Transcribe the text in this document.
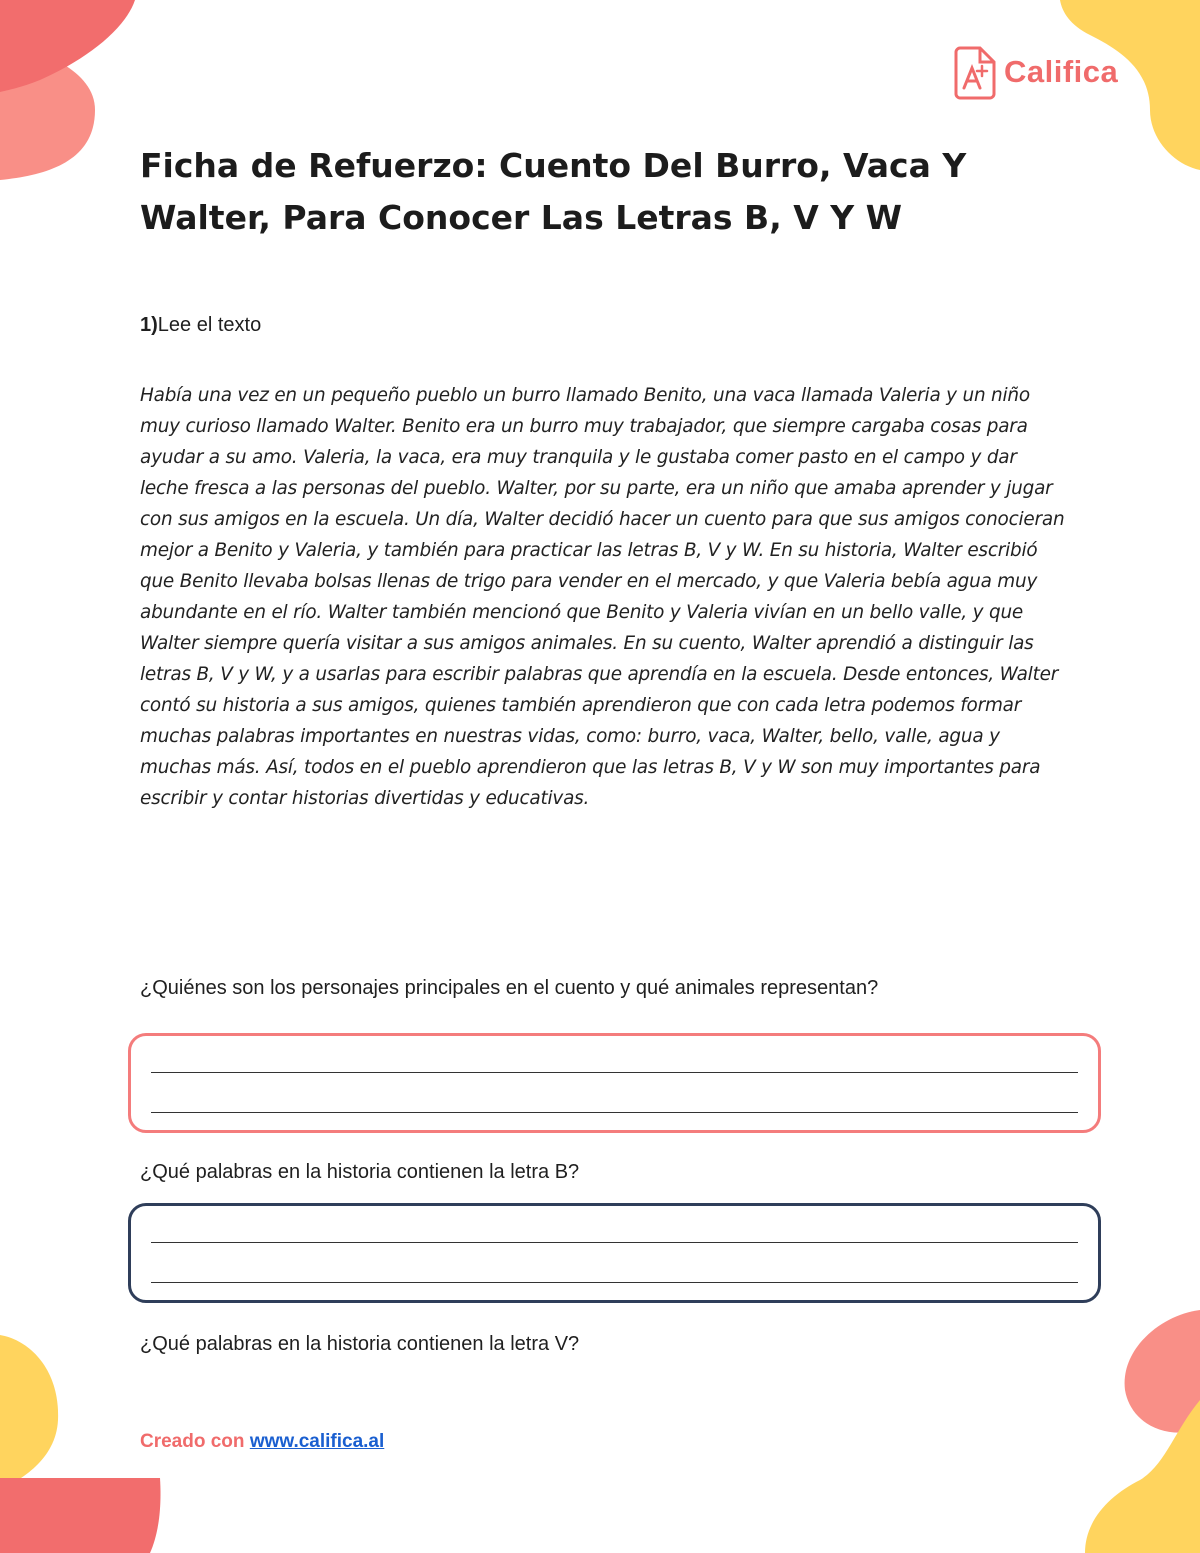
Califica
Ficha de Refuerzo: Cuento Del Burro, Vaca Y Walter, Para Conocer Las Letras B, V Y W
1)Lee el texto

Había una vez en un pequeño pueblo un burro llamado Benito, una vaca llamada Valeria y un niño muy curioso llamado Walter. Benito era un burro muy trabajador, que siempre cargaba cosas para ayudar a su amo. Valeria, la vaca, era muy tranquila y le gustaba comer pasto en el campo y dar leche fresca a las personas del pueblo. Walter, por su parte, era un niño que amaba aprender y jugar con sus amigos en la escuela. Un día, Walter decidió hacer un cuento para que sus amigos conocieran mejor a Benito y Valeria, y también para practicar las letras B, V y W. En su historia, Walter escribió que Benito llevaba bolsas llenas de trigo para vender en el mercado, y que Valeria bebía agua muy abundante en el río. Walter también mencionó que Benito y Valeria vivían en un bello valle, y que Walter siempre quería visitar a sus amigos animales. En su cuento, Walter aprendió a distinguir las letras B, V y W, y a usarlas para escribir palabras que aprendía en la escuela. Desde entonces, Walter contó su historia a sus amigos, quienes también aprendieron que con cada letra podemos formar muchas palabras importantes en nuestras vidas, como: burro, vaca, Walter, bello, valle, agua y muchas más. Así, todos en el pueblo aprendieron que las letras B, V y W son muy importantes para escribir y contar historias divertidas y educativas.

¿Quiénes son los personajes principales en el cuento y qué animales representan?
¿Qué palabras en la historia contienen la letra B?
¿Qué palabras en la historia contienen la letra V?
Creado con www.califica.al
